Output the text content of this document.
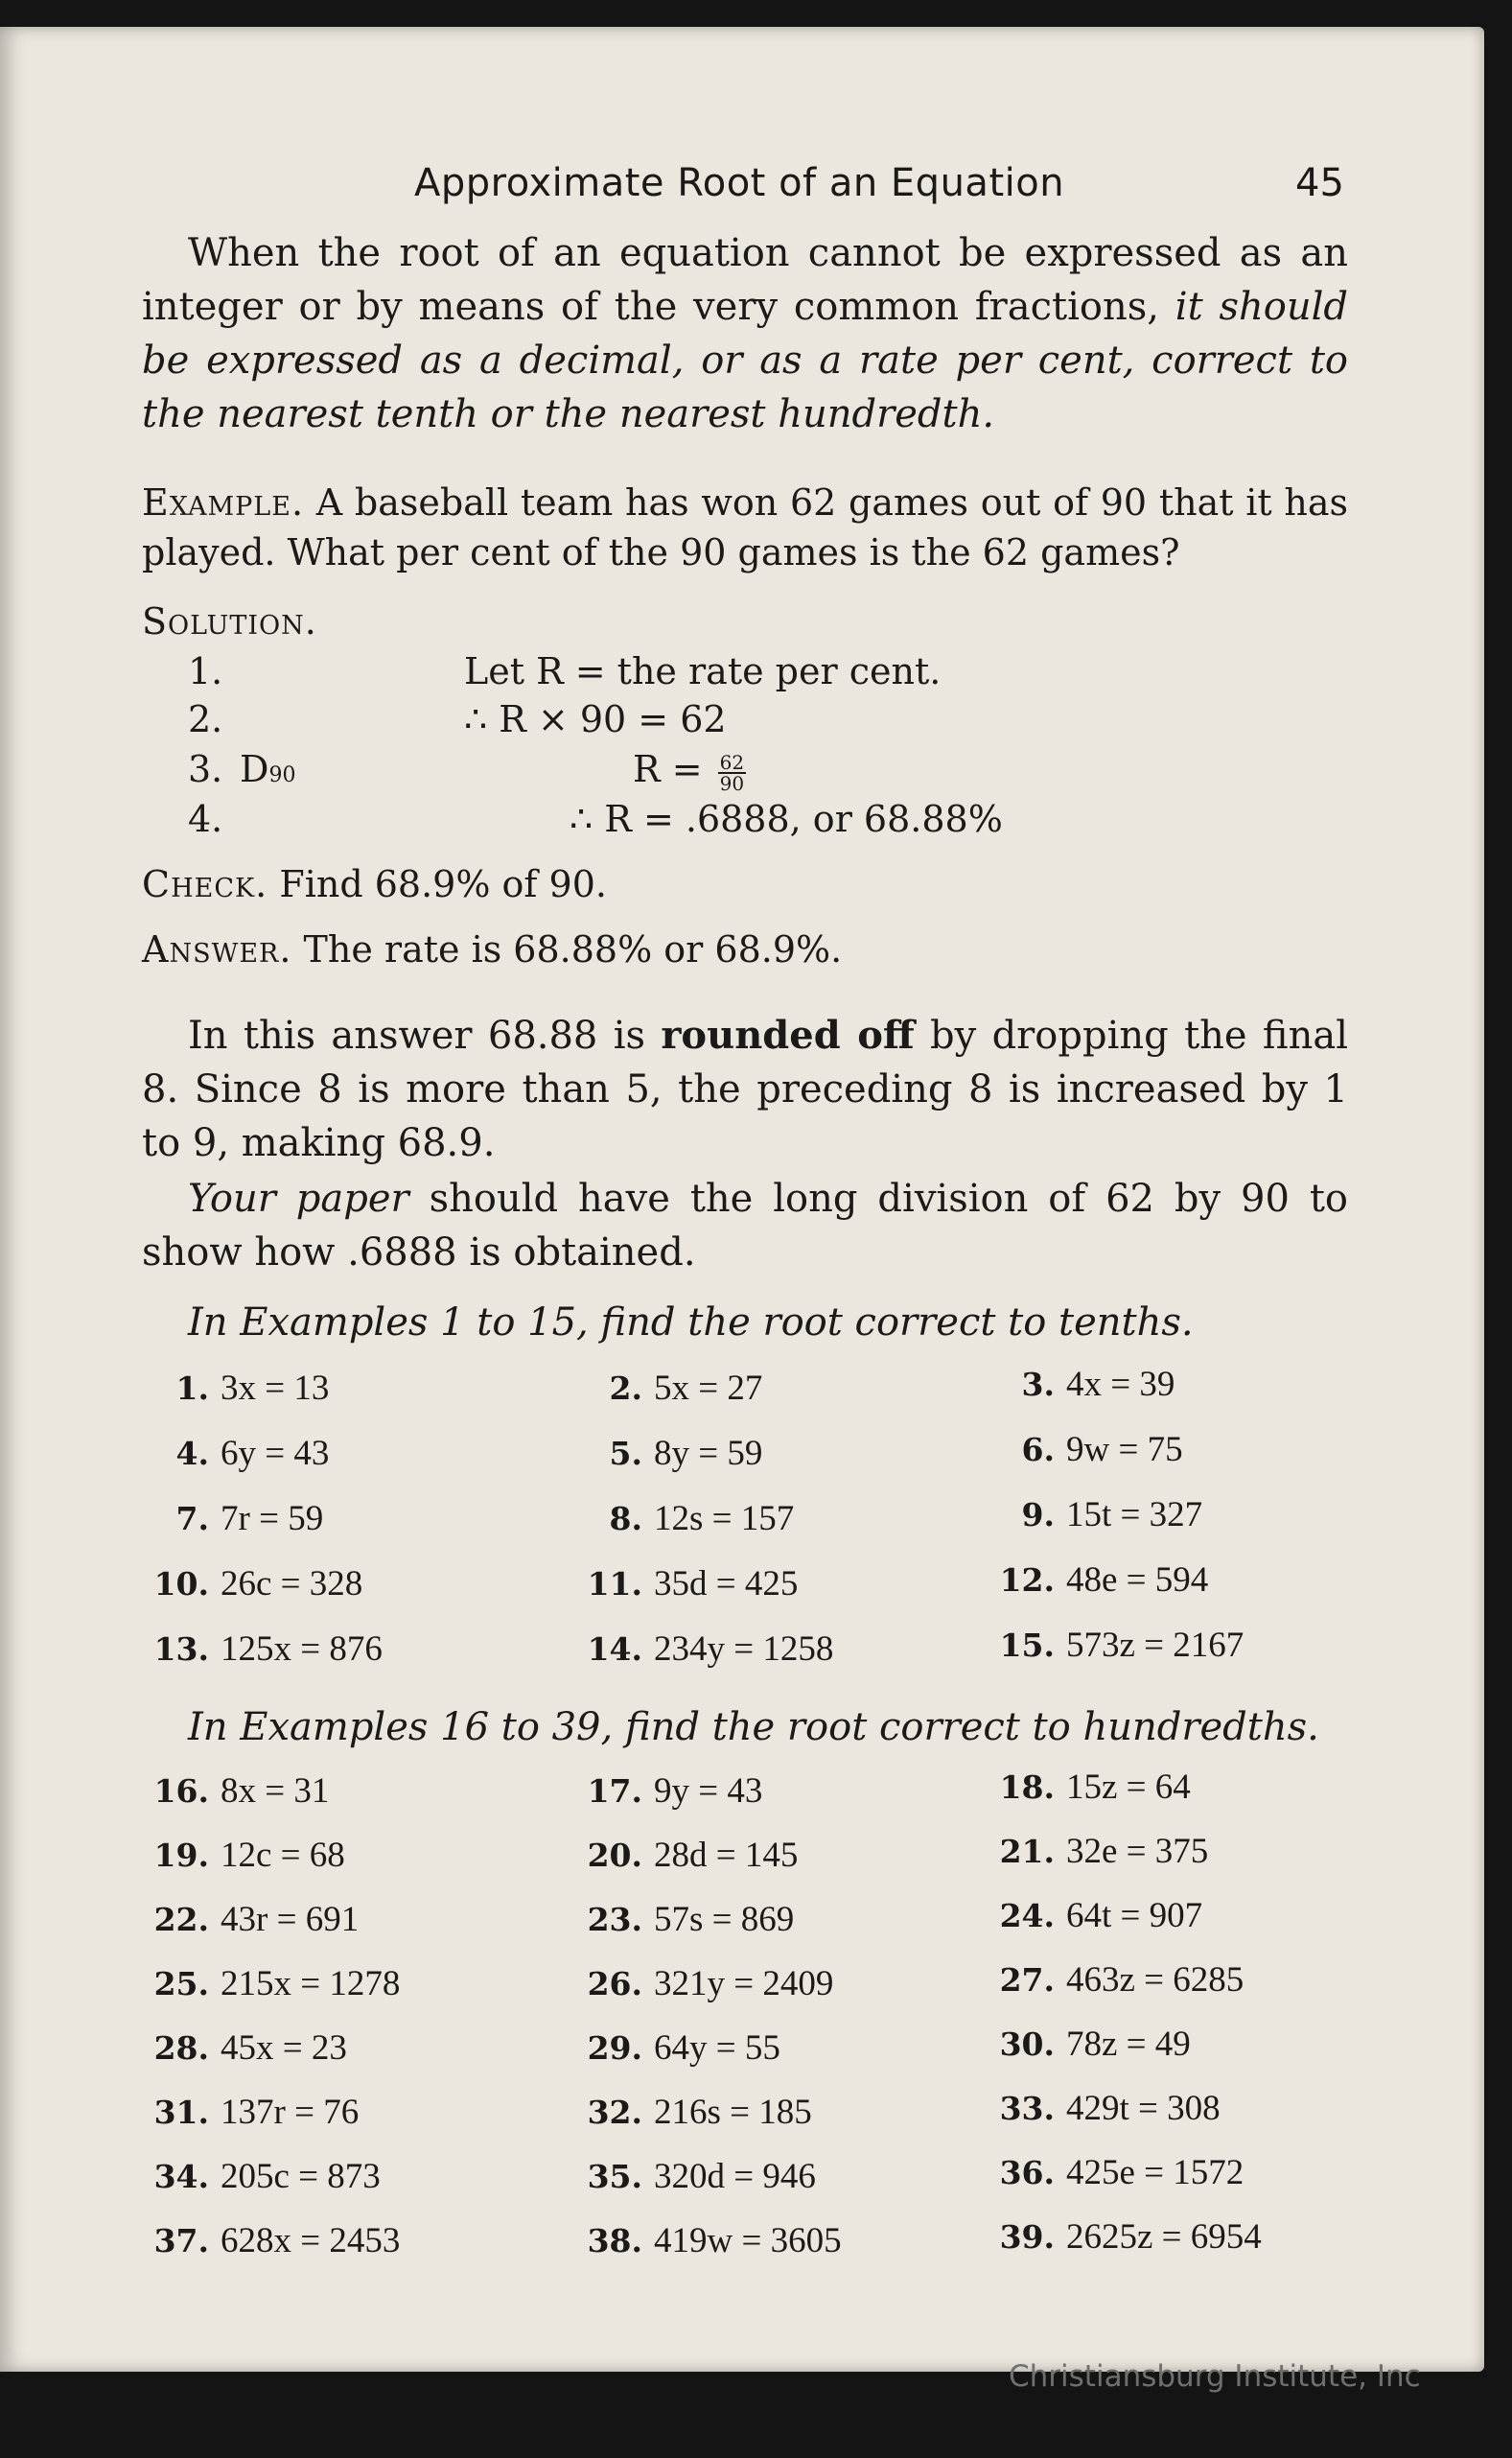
Approximate Root of an Equation	45
When the root of an equation cannot be expressed as an integer or by means of the very common fractions, it should be expressed as a decimal, or as a rate per cent, correct to the nearest tenth or the nearest hundredth.
Example. A baseball team has won 62 games out of 90 that it has played. What per cent of the 90 games is the 62 games?
Solution.
1.	Let R = the rate per cent.
2.	∴ R × 90 = 62
3. D90	$R = \frac{62}{90}$
4.	∴ R = .6888, or 68.88%
Check. Find 68.9% of 90.
Answer. The rate is 68.88% or 68.9%.
In this answer 68.88 is rounded off by dropping the final 8. Since 8 is more than 5, the preceding 8 is increased by 1 to 9, making 68.9.
Your paper should have the long division of 62 by 90 to show how .6888 is obtained.
In Examples 1 to 15, find the root correct to tenths.
1. 3x = 13	2. 5x = 27	3. 4x = 39
4. 6y = 43	5. 8y = 59	6. 9w = 75
7. 7r = 59	8. 12s = 157	9. 15t = 327
10. 26c = 328	11. 35d = 425	12. 48e = 594
13. 125x = 876	14. 234y = 1258	15. 573z = 2167
In Examples 16 to 39, find the root correct to hundredths.
16. 8x = 31	17. 9y = 43	18. 15z = 64
19. 12c = 68	20. 28d = 145	21. 32e = 375
22. 43r = 691	23. 57s = 869	24. 64t = 907
25. 215x = 1278	26. 321y = 2409	27. 463z = 6285
28. 45x = 23	29. 64y = 55	30. 78z = 49
31. 137r = 76	32. 216s = 185	33. 429t = 308
34. 205c = 873	35. 320d = 946	36. 425e = 1572
37. 628x = 2453	38. 419w = 3605	39. 2625z = 6954
Christiansburg Institute, Inc
